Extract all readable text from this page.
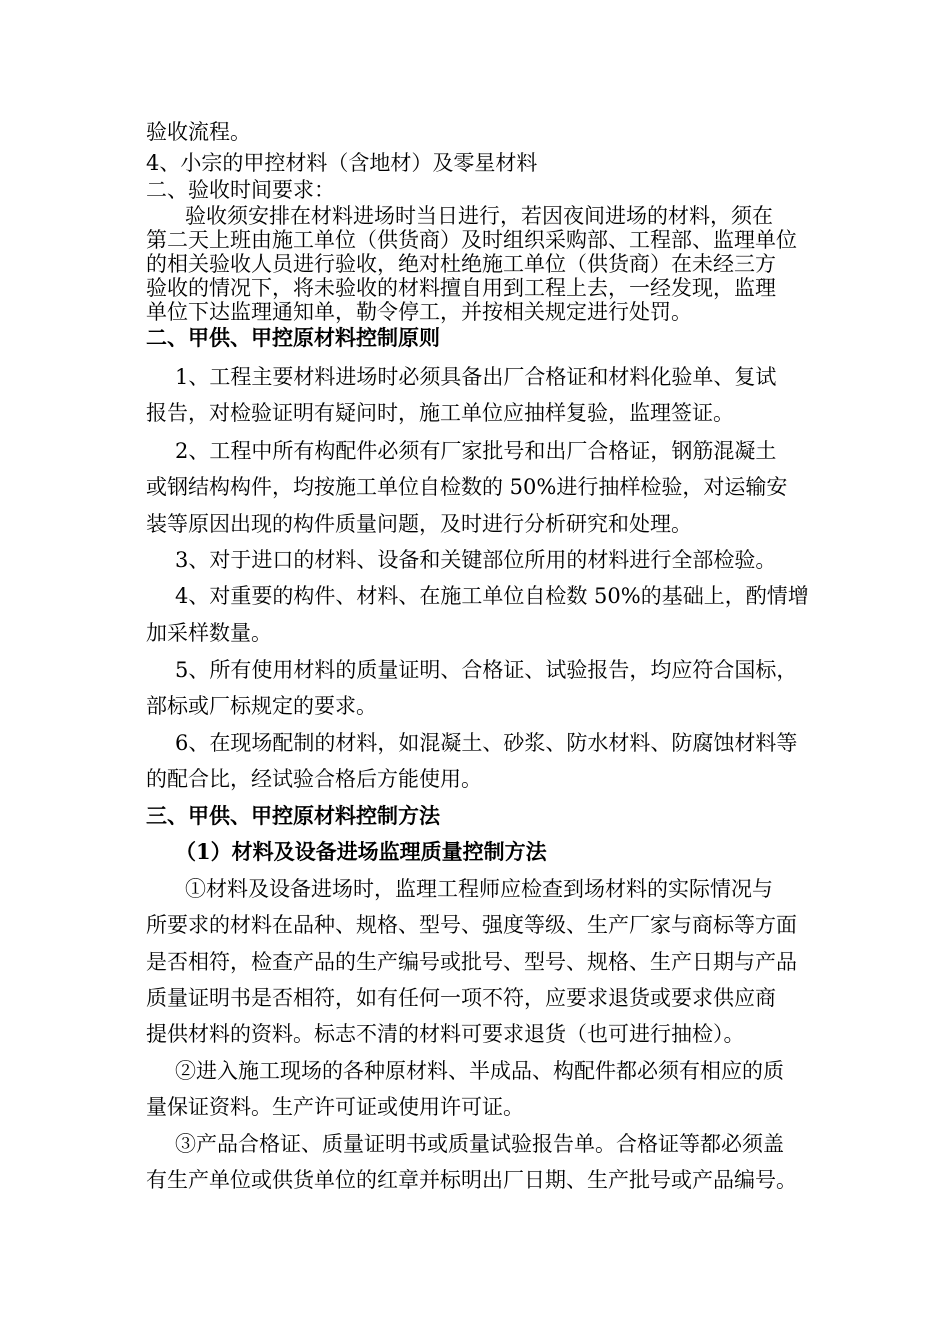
验收流程。
4、小宗的甲控材料（含地材）及零星材料
二、验收时间要求：
验收须安排在材料进场时当日进行，若因夜间进场的材料，须在
第二天上班由施工单位（供货商）及时组织采购部、工程部、监理单位
的相关验收人员进行验收，绝对杜绝施工单位（供货商）在未经三方
验收的情况下，将未验收的材料擅自用到工程上去，一经发现，监理
单位下达监理通知单，勒令停工，并按相关规定进行处罚。
二、甲供、甲控原材料控制原则
1、工程主要材料进场时必须具备出厂合格证和材料化验单、复试
报告，对检验证明有疑问时，施工单位应抽样复验，监理签证。
2、工程中所有构配件必须有厂家批号和出厂合格证，钢筋混凝土
或钢结构构件，均按施工单位自检数的 50%进行抽样检验，对运输安
装等原因出现的构件质量问题，及时进行分析研究和处理。
3、对于进口的材料、设备和关键部位所用的材料进行全部检验。
4、对重要的构件、材料、在施工单位自检数 50%的基础上，酌情增
加采样数量。
5、所有使用材料的质量证明、合格证、试验报告，均应符合国标，
部标或厂标规定的要求。
6、在现场配制的材料，如混凝土、砂浆、防水材料、防腐蚀材料等
的配合比，经试验合格后方能使用。
三、甲供、甲控原材料控制方法
（1）材料及设备进场监理质量控制方法
①材料及设备进场时，监理工程师应检查到场材料的实际情况与
所要求的材料在品种、规格、型号、强度等级、生产厂家与商标等方面
是否相符，检查产品的生产编号或批号、型号、规格、生产日期与产品
质量证明书是否相符，如有任何一项不符，应要求退货或要求供应商
提供材料的资料。标志不清的材料可要求退货（也可进行抽检）。
②进入施工现场的各种原材料、半成品、构配件都必须有相应的质
量保证资料。生产许可证或使用许可证。
③产品合格证、质量证明书或质量试验报告单。合格证等都必须盖
有生产单位或供货单位的红章并标明出厂日期、生产批号或产品编号。
